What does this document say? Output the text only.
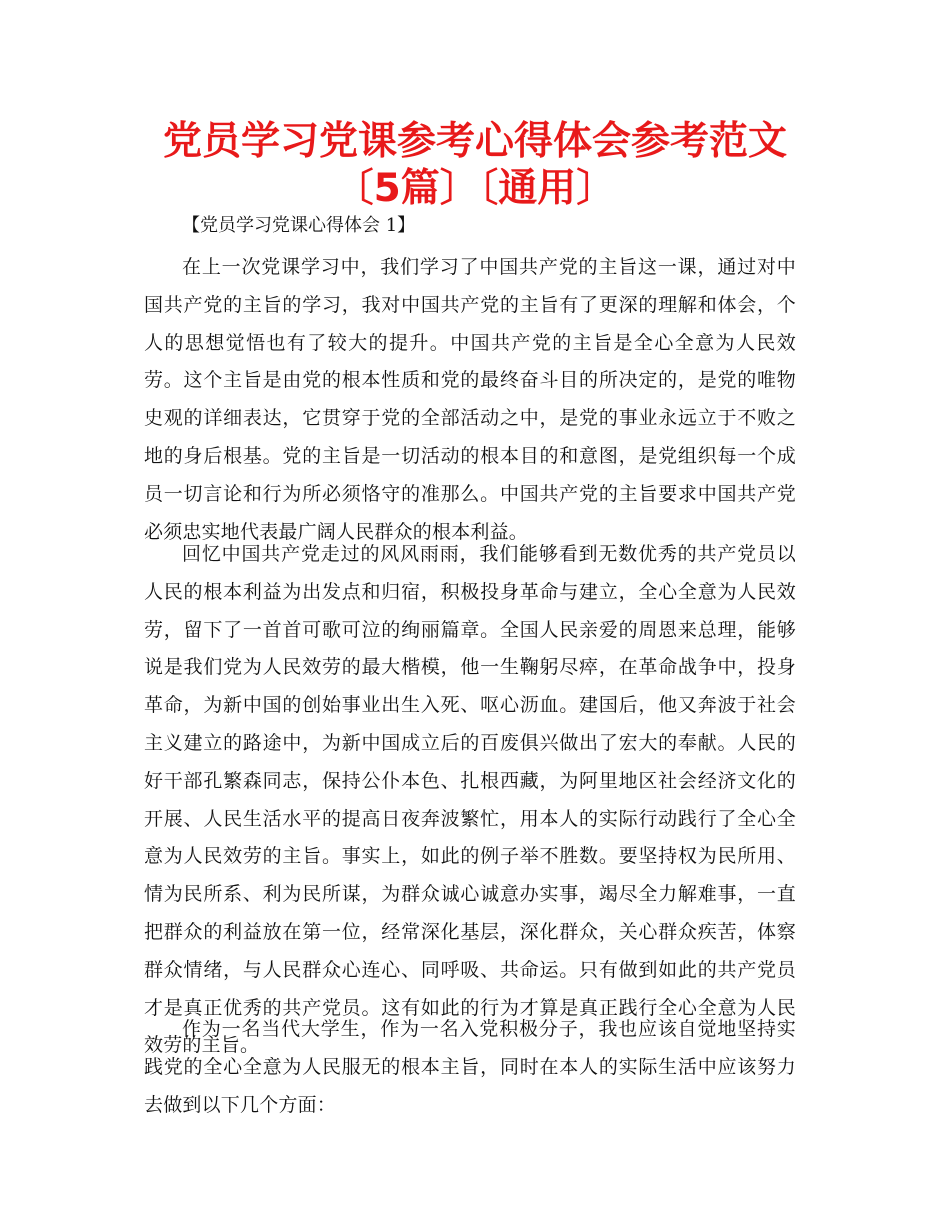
党员学习党课参考心得体会参考范文〔5篇〕〔通用〕

【党员学习党课心得体会 1】

在上一次党课学习中，我们学习了中国共产党的主旨这一课，通过对中国共产党的主旨的学习，我对中国共产党的主旨有了更深的理解和体会，个人的思想觉悟也有了较大的提升。中国共产党的主旨是全心全意为人民效劳。这个主旨是由党的根本性质和党的最终奋斗目的所决定的，是党的唯物史观的详细表达，它贯穿于党的全部活动之中，是党的事业永远立于不败之地的身后根基。党的主旨是一切活动的根本目的和意图，是党组织每一个成员一切言论和行为所必须恪守的准那么。中国共产党的主旨要求中国共产党必须忠实地代表最广阔人民群众的根本利益。

回忆中国共产党走过的风风雨雨，我们能够看到无数优秀的共产党员以人民的根本利益为出发点和归宿，积极投身革命与建立，全心全意为人民效劳，留下了一首首可歌可泣的绚丽篇章。全国人民亲爱的周恩来总理，能够说是我们党为人民效劳的最大楷模，他一生鞠躬尽瘁，在革命战争中，投身革命，为新中国的创始事业出生入死、呕心沥血。建国后，他又奔波于社会主义建立的路途中，为新中国成立后的百废俱兴做出了宏大的奉献。人民的好干部孔繁森同志，保持公仆本色、扎根西藏，为阿里地区社会经济文化的开展、人民生活水平的提高日夜奔波繁忙，用本人的实际行动践行了全心全意为人民效劳的主旨。事实上，如此的例子举不胜数。要坚持权为民所用、情为民所系、利为民所谋，为群众诚心诚意办实事，竭尽全力解难事，一直把群众的利益放在第一位，经常深化基层，深化群众，关心群众疾苦，体察群众情绪，与人民群众心连心、同呼吸、共命运。只有做到如此的共产党员才是真正优秀的共产党员。这有如此的行为才算是真正践行全心全意为人民效劳的主旨。

作为一名当代大学生，作为一名入党积极分子，我也应该自觉地坚持实践党的全心全意为人民服无的根本主旨，同时在本人的实际生活中应该努力去做到以下几个方面：
